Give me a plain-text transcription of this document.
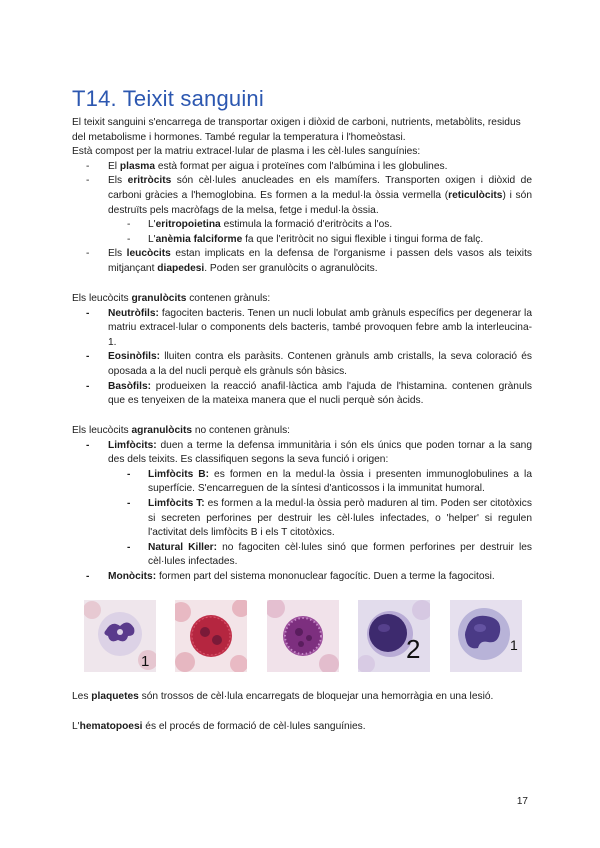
T14. Teixit sanguini

El teixit sanguini s'encarrega de transportar oxigen i diòxid de carboni, nutrients, metabòlits, residus del metabolisme i hormones. També regular la temperatura i l'homeòstasi.

Està compost per la matriu extracel·lular de plasma i les cèl·lules sanguínies:

- El plasma està format per aigua i proteïnes com l'albúmina i les globulines.
- Els eritròcits són cèl·lules anucleades en els mamífers. Transporten oxigen i diòxid de carboni gràcies a l'hemoglobina. Es formen a la medul·la òssia vermella (reticulòcits) i són destruïts pels macròfags de la melsa, fetge i medul·la òssia.
- L'eritropoietina estimula la formació d'eritròcits a l'os.
- L'anèmia falciforme fa que l'eritròcit no sigui flexible i tingui forma de falç.
- Els leucòcits estan implicats en la defensa de l'organisme i passen dels vasos als teixits mitjançant diapedesi. Poden ser granulòcits o agranulòcits.

Els leucòcits granulòcits contenen grànuls:

- Neutròfils: fagociten bacteris. Tenen un nucli lobulat amb grànuls específics per degenerar la matriu extracel·lular o components dels bacteris, també provoquen febre amb la interleucina-1.
- Eosinòfils: lluiten contra els paràsits. Contenen grànuls amb cristalls, la seva coloració és oposada a la del nucli perquè els grànuls són bàsics.
- Basòfils: produeixen la reacció anafil·làctica amb l'ajuda de l'histamina. contenen grànuls que es tenyeixen de la mateixa manera que el nucli perquè són àcids.

Els leucòcits agranulòcits no contenen grànuls:

- Limfòcits: duen a terme la defensa immunitària i són els únics que poden tornar a la sang des dels teixits. Es classifiquen segons la seva funció i origen:
- Limfòcits B: es formen en la medul·la òssia i presenten immunoglobulines a la superfície. S'encarreguen de la síntesi d'anticossos i la immunitat humoral.
- Limfòcits T: es formen a la medul·la òssia però maduren al tim. Poden ser citotòxics si secreten perforines per destruir les cèl·lules infectades, o 'helper' si regulen l'activitat dels limfòcits B i els T citotòxics.
- Natural Killer: no fagociten cèl·lules sinó que formen perforines per destruir les cèl·lules infectades.
- Monòcits: formen part del sistema mononuclear fagocític. Duen a terme la fagocitosi.
1	2	1

Les plaquetes són trossos de cèl·lula encarregats de bloquejar una hemorràgia en una lesió.

L'hematopoesi és el procés de formació de cèl·lules sanguínies.

17
